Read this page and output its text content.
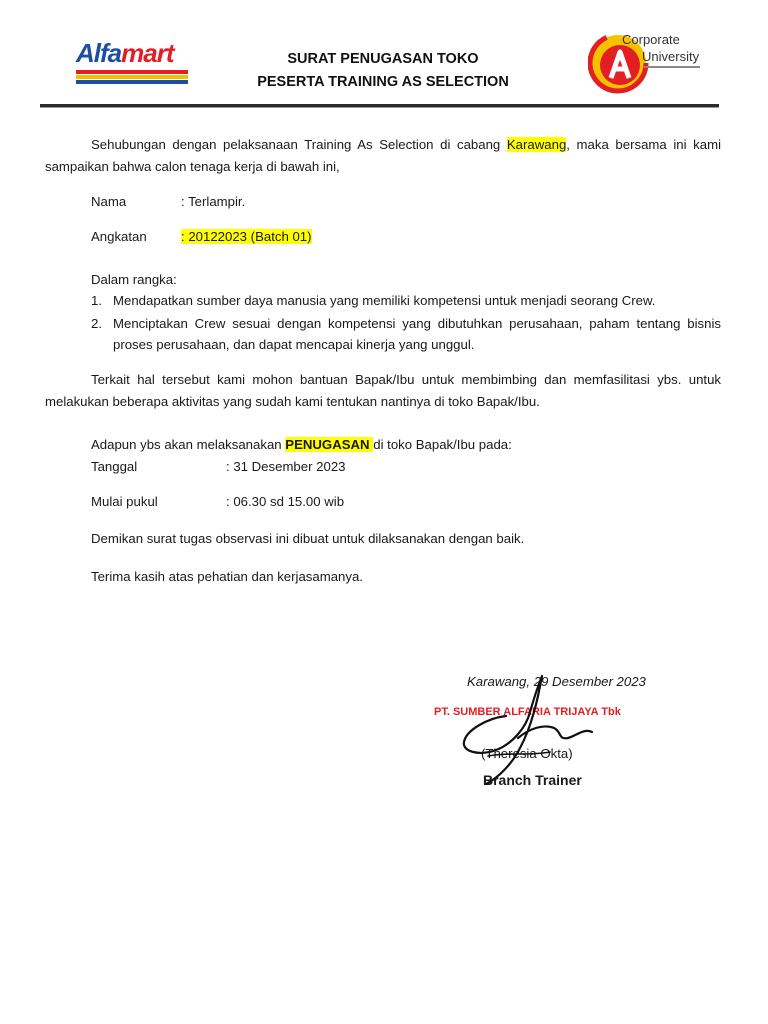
Alfamart	SURAT PENUGASAN TOKO
PESERTA TRAINING AS SELECTION
Corporate
University
Sehubungan dengan pelaksanaan Training As Selection di cabang Karawang, maka bersama ini kami
sampaikan bahwa calon tenaga kerja di bawah ini,
Nama	: Terlampir.
Angkatan	: 20122023 (Batch 01)
Dalam rangka:
1. Mendapatkan sumber daya manusia yang memiliki kompetensi untuk menjadi seorang Crew.
2. Menciptakan Crew sesuai dengan kompetensi yang dibutuhkan perusahaan, paham tentang bisnis
proses perusahaan, dan dapat mencapai kinerja yang unggul.
Terkait hal tersebut kami mohon bantuan Bapak/Ibu untuk membimbing dan memfasilitasi ybs. untuk
melakukan beberapa aktivitas yang sudah kami tentukan nantinya di toko Bapak/Ibu.
Adapun ybs akan melaksanakan PENUGASAN di toko Bapak/Ibu pada:
Tanggal	: 31 Desember 2023
Mulai pukul	: 06.30 sd 15.00 wib
Demikan surat tugas observasi ini dibuat untuk dilaksanakan dengan baik.
Terima kasih atas pehatian dan kerjasamanya.
Karawang, 29 Desember 2023
PT. SUMBER ALFARIA TRIJAYA Tbk
(Theresia Okta)
Branch Trainer
